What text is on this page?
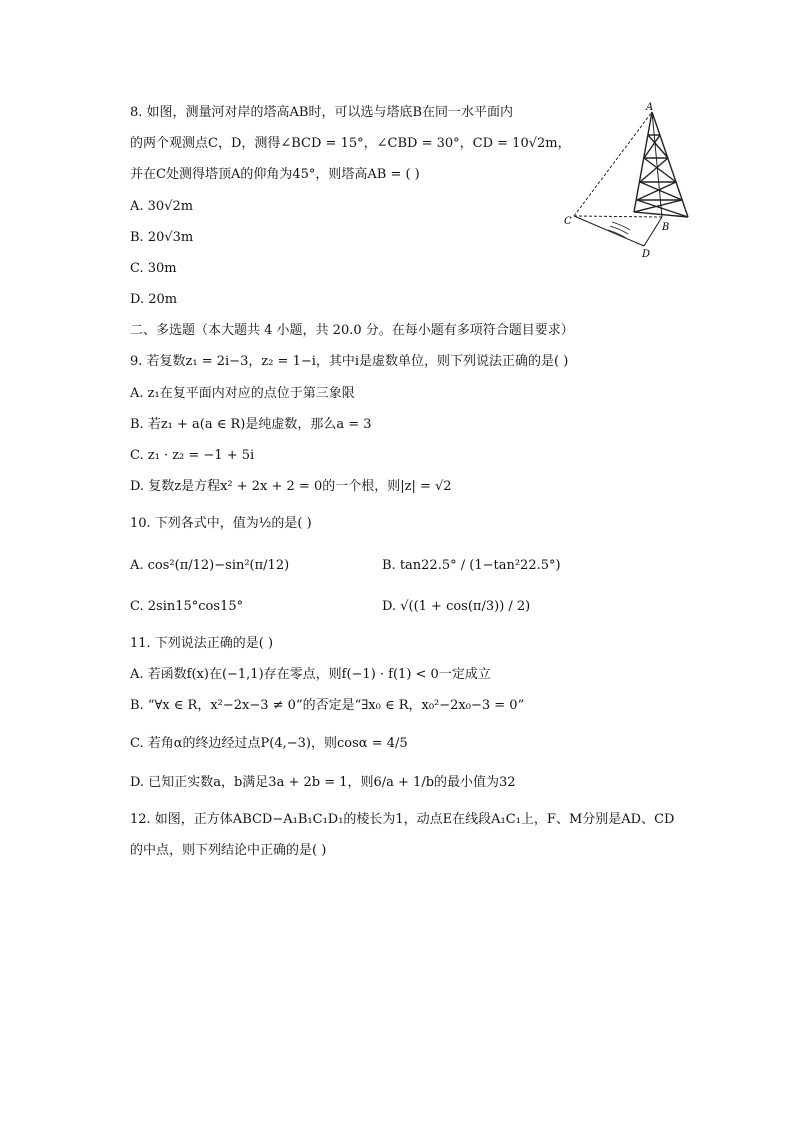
8. 如图，测量河对岸的塔高AB时，可以选与塔底B在同一水平面内
的两个观测点C，D，测得∠BCD = 15°，∠CBD = 30°，CD = 10√2m，
并在C处测得塔顶A的仰角为45°，则塔高AB = ( )
A. 30√2m
B. 20√3m
C. 30m
D. 20m
A
B
C
D
二、多选题（本大题共 4 小题，共 20.0 分。在每小题有多项符合题目要求）
9. 若复数z₁ = 2i−3，z₂ = 1−i，其中i是虚数单位，则下列说法正确的是( )
A. z₁在复平面内对应的点位于第三象限
B. 若z₁ + a(a ∈ R)是纯虚数，那么a = 3
C. z₁ · z₂ = −1 + 5i
D. 复数z是方程x² + 2x + 2 = 0的一个根，则|z| = √2
10. 下列各式中，值为½的是( )
A. cos²(π/12)−sin²(π/12)	B. tan22.5° / (1−tan²22.5°)
C. 2sin15°cos15°	D. √((1 + cos(π/3)) / 2)
11. 下列说法正确的是( )
A. 若函数f(x)在(−1,1)存在零点，则f(−1) · f(1) < 0一定成立
B. “∀x ∈ R，x²−2x−3 ≠ 0”的否定是“∃x₀ ∈ R，x₀²−2x₀−3 = 0”
C. 若角α的终边经过点P(4,−3)，则cosα = 4/5
D. 已知正实数a，b满足3a + 2b = 1，则6/a + 1/b的最小值为32
12. 如图，正方体ABCD−A₁B₁C₁D₁的棱长为1，动点E在线段A₁C₁上，F、M分别是AD、CD
的中点，则下列结论中正确的是( )
